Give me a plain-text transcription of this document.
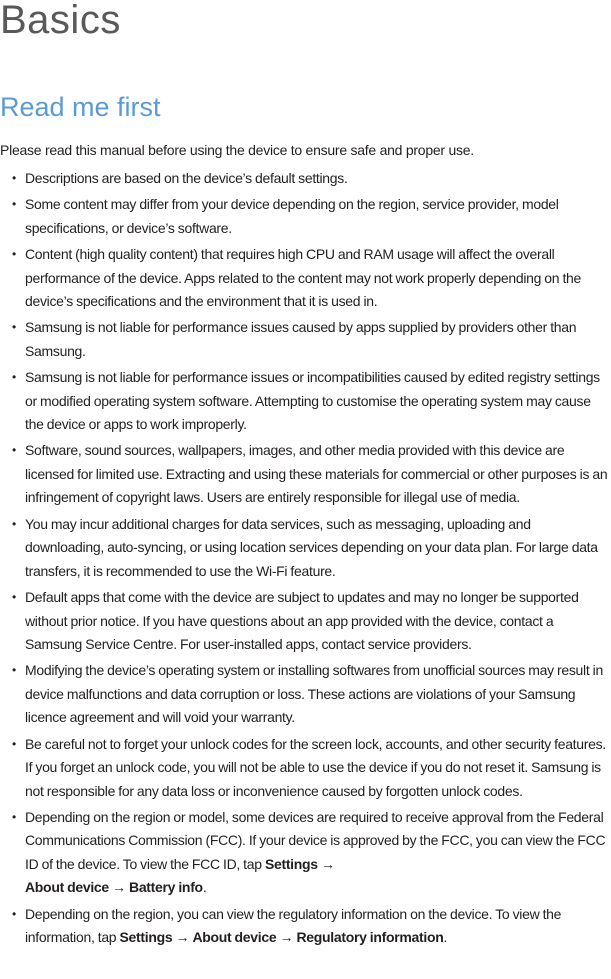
Basics
Read me first

Please read this manual before using the device to ensure safe and proper use.

• Descriptions are based on the device’s default settings.
• Some content may differ from your device depending on the region, service provider, model specifications, or device’s software.
• Content (high quality content) that requires high CPU and RAM usage will affect the overall performance of the device. Apps related to the content may not work properly depending on the device’s specifications and the environment that it is used in.
• Samsung is not liable for performance issues caused by apps supplied by providers other than Samsung.
• Samsung is not liable for performance issues or incompatibilities caused by edited registry settings or modified operating system software. Attempting to customise the operating system may cause the device or apps to work improperly.
• Software, sound sources, wallpapers, images, and other media provided with this device are licensed for limited use. Extracting and using these materials for commercial or other purposes is an infringement of copyright laws. Users are entirely responsible for illegal use of media.
• You may incur additional charges for data services, such as messaging, uploading and downloading, auto-syncing, or using location services depending on your data plan. For large data transfers, it is recommended to use the Wi-Fi feature.
• Default apps that come with the device are subject to updates and may no longer be supported without prior notice. If you have questions about an app provided with the device, contact a Samsung Service Centre. For user-installed apps, contact service providers.
• Modifying the device’s operating system or installing softwares from unofficial sources may result in device malfunctions and data corruption or loss. These actions are violations of your Samsung licence agreement and will void your warranty.
• Be careful not to forget your unlock codes for the screen lock, accounts, and other security features. If you forget an unlock code, you will not be able to use the device if you do not reset it. Samsung is not responsible for any data loss or inconvenience caused by forgotten unlock codes.
• Depending on the region or model, some devices are required to receive approval from the Federal Communications Commission (FCC). If your device is approved by the FCC, you can view the FCC ID of the device. To view the FCC ID, tap Settings →
About device → Battery info.
• Depending on the region, you can view the regulatory information on the device. To view the information, tap Settings → About device → Regulatory information.
